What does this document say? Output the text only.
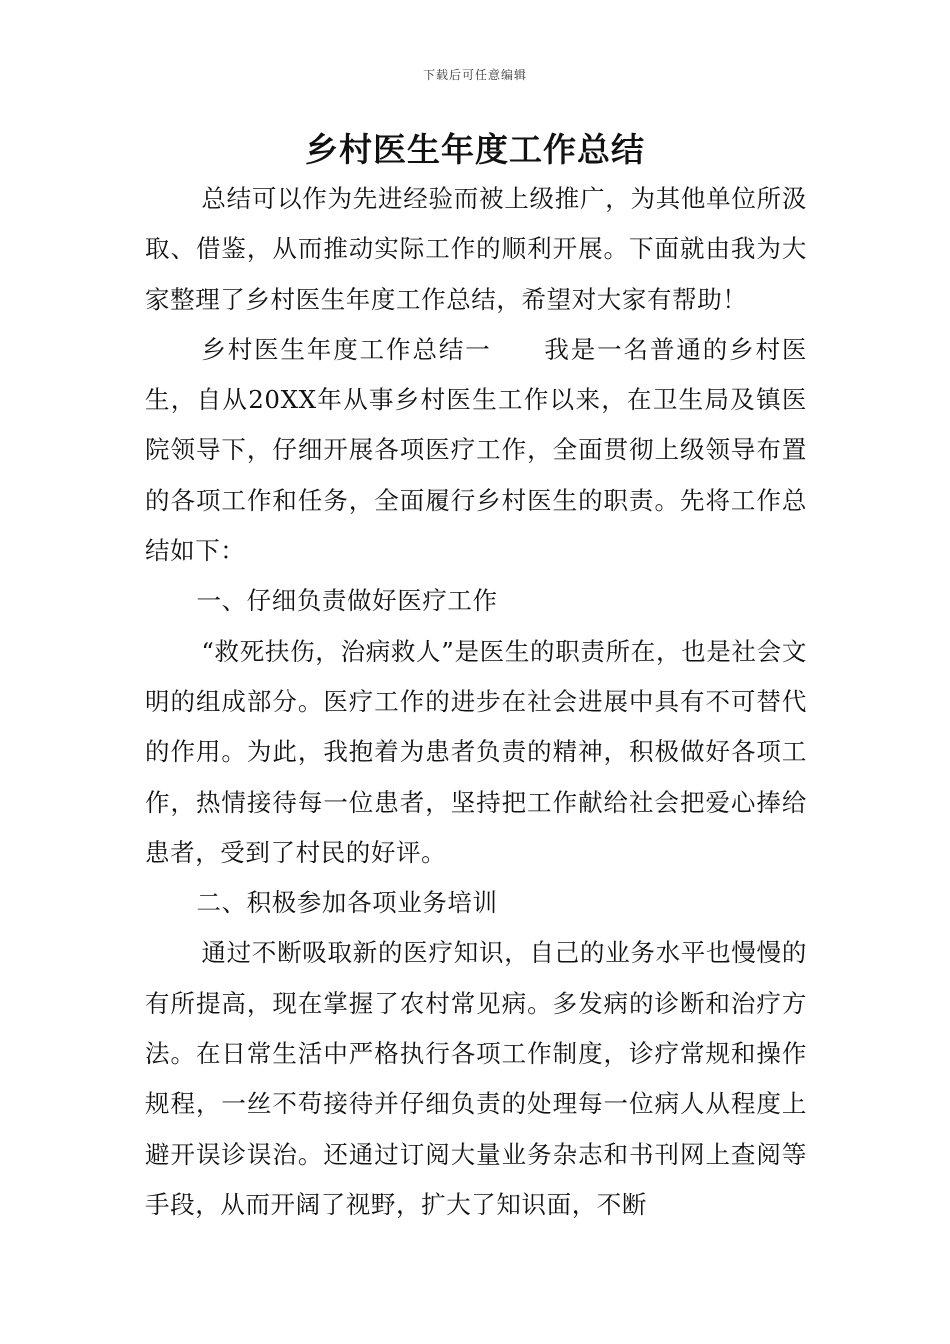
下载后可任意编辑
乡村医生年度工作总结

总结可以作为先进经验而被上级推广，为其他单位所汲取、借鉴，从而推动实际工作的顺利开展。下面就由我为大家整理了乡村医生年度工作总结，希望对大家有帮助！

乡村医生年度工作总结一　　我是一名普通的乡村医生，自从20XX年从事乡村医生工作以来，在卫生局及镇医院领导下，仔细开展各项医疗工作，全面贯彻上级领导布置的各项工作和任务，全面履行乡村医生的职责。先将工作总结如下：

一、仔细负责做好医疗工作

“救死扶伤，治病救人”是医生的职责所在，也是社会文明的组成部分。医疗工作的进步在社会进展中具有不可替代的作用。为此，我抱着为患者负责的精神，积极做好各项工作，热情接待每一位患者，坚持把工作献给社会把爱心捧给患者，受到了村民的好评。

二、积极参加各项业务培训

通过不断吸取新的医疗知识，自己的业务水平也慢慢的有所提高，现在掌握了农村常见病。多发病的诊断和治疗方法。在日常生活中严格执行各项工作制度，诊疗常规和操作规程，一丝不苟接待并仔细负责的处理每一位病人从程度上避开误诊误治。还通过订阅大量业务杂志和书刊网上查阅等手段，从而开阔了视野，扩大了知识面，不断
